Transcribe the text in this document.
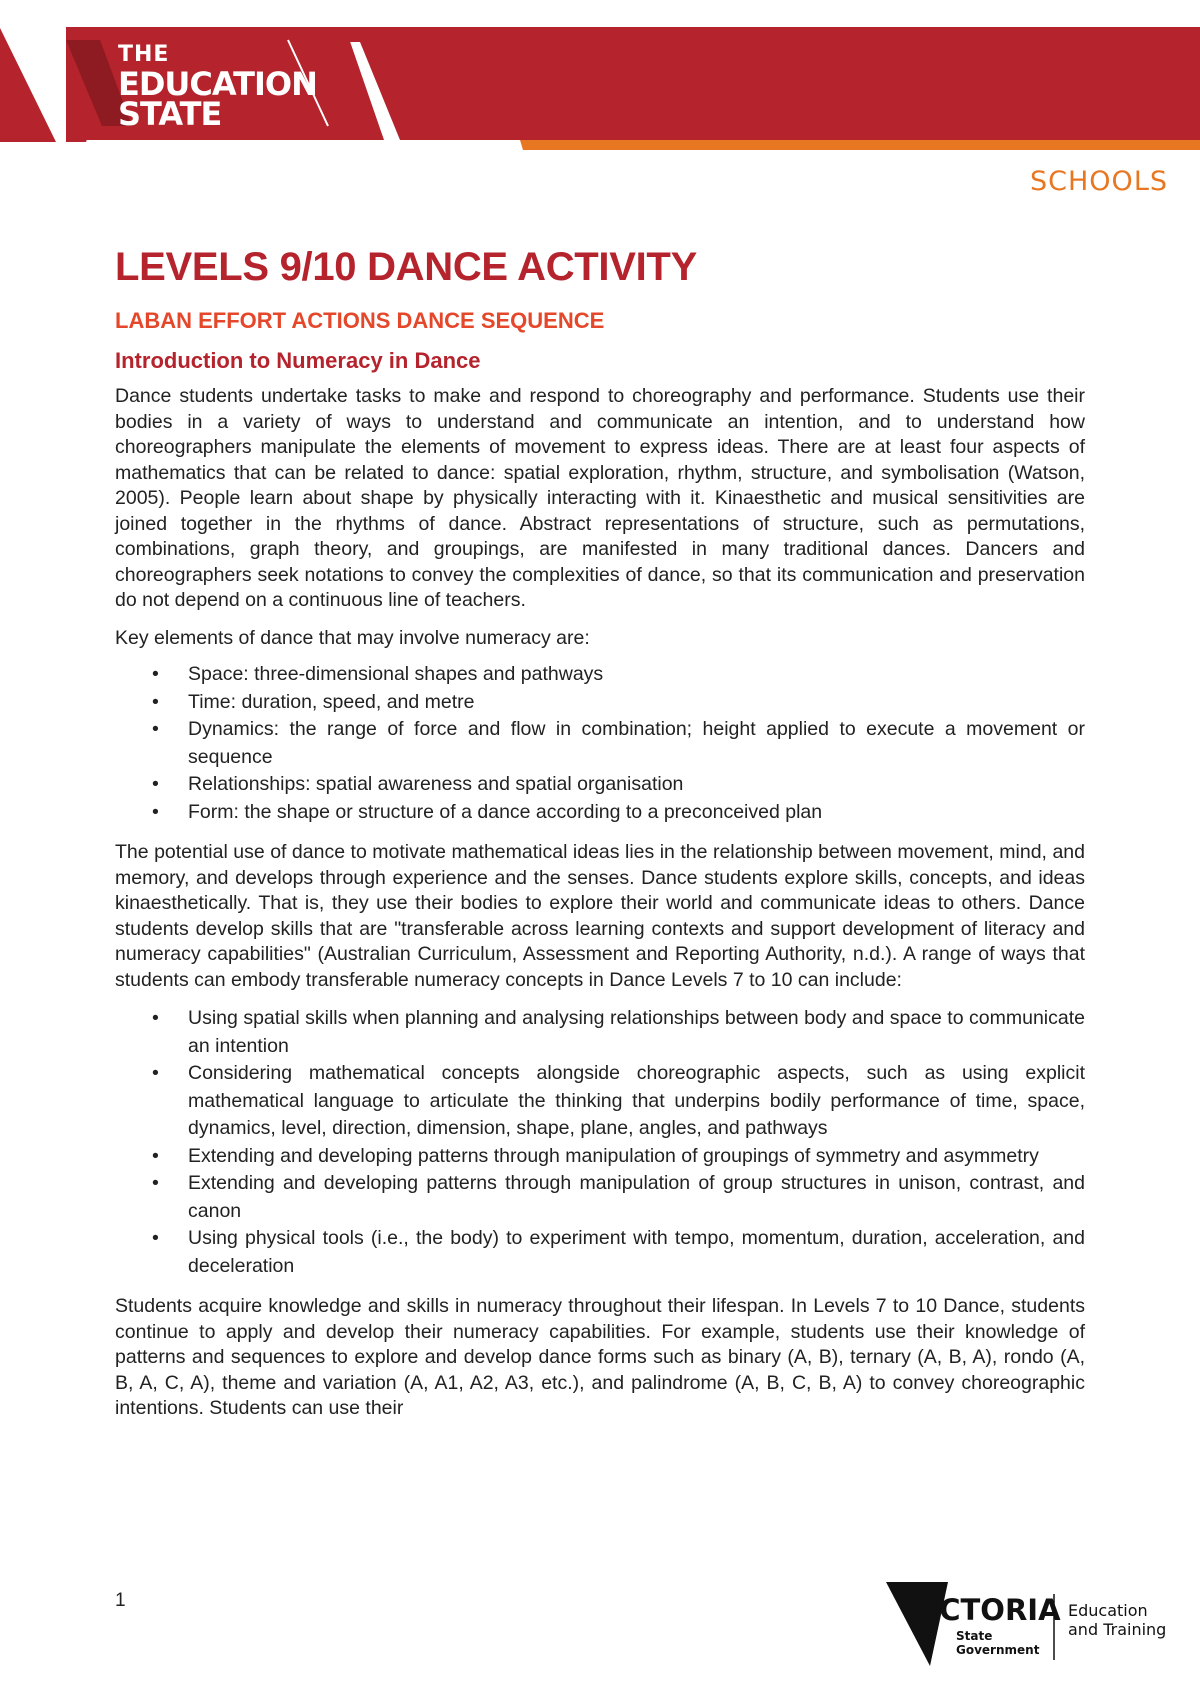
THE
EDUCATION
STATE
SCHOOLS
LEVELS 9/10 DANCE ACTIVITY
LABAN EFFORT ACTIONS DANCE SEQUENCE
Introduction to Numeracy in Dance

Dance students undertake tasks to make and respond to choreography and performance. Students use their bodies in a variety of ways to understand and communicate an intention, and to understand how choreographers manipulate the elements of movement to express ideas. There are at least four aspects of mathematics that can be related to dance: spatial exploration, rhythm, structure, and symbolisation (Watson, 2005). People learn about shape by physically interacting with it. Kinaesthetic and musical sensitivities are joined together in the rhythms of dance. Abstract representations of structure, such as permutations, combinations, graph theory, and groupings, are manifested in many traditional dances. Dancers and choreographers seek notations to convey the complexities of dance, so that its communication and preservation do not depend on a continuous line of teachers.

Key elements of dance that may involve numeracy are:

• Space: three-dimensional shapes and pathways
• Time: duration, speed, and metre
• Dynamics: the range of force and flow in combination; height applied to execute a movement or sequence
• Relationships: spatial awareness and spatial organisation
• Form: the shape or structure of a dance according to a preconceived plan

The potential use of dance to motivate mathematical ideas lies in the relationship between movement, mind, and memory, and develops through experience and the senses. Dance students explore skills, concepts, and ideas kinaesthetically. That is, they use their bodies to explore their world and communicate ideas to others. Dance students develop skills that are "transferable across learning contexts and support development of literacy and numeracy capabilities" (Australian Curriculum, Assessment and Reporting Authority, n.d.). A range of ways that students can embody transferable numeracy concepts in Dance Levels 7 to 10 can include:

• Using spatial skills when planning and analysing relationships between body and space to communicate an intention
• Considering mathematical concepts alongside choreographic aspects, such as using explicit mathematical language to articulate the thinking that underpins bodily performance of time, space, dynamics, level, direction, dimension, shape, plane, angles, and pathways
• Extending and developing patterns through manipulation of groupings of symmetry and asymmetry
• Extending and developing patterns through manipulation of group structures in unison, contrast, and canon
• Using physical tools (i.e., the body) to experiment with tempo, momentum, duration, acceleration, and deceleration

Students acquire knowledge and skills in numeracy throughout their lifespan. In Levels 7 to 10 Dance, students continue to apply and develop their numeracy capabilities. For example, students use their knowledge of patterns and sequences to explore and develop dance forms such as binary (A, B), ternary (A, B, A), rondo (A, B, A, C, A), theme and variation (A, A1, A2, A3, etc.), and palindrome (A, B, C, B, A) to convey choreographic intentions. Students can use their

1	VICTORIA
State
Government
Education
and Training
